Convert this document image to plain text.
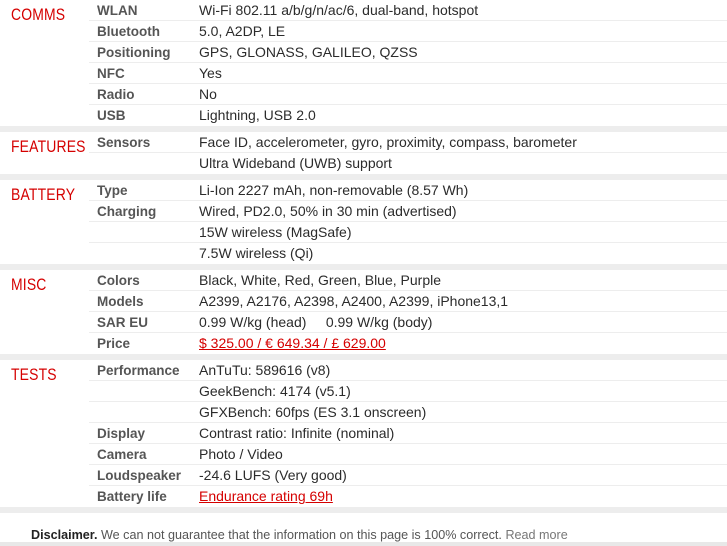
COMMS	WLAN	Wi-Fi 802.11 a/b/g/n/ac/6, dual-band, hotspot
Bluetooth	5.0, A2DP, LE
Positioning	GPS, GLONASS, GALILEO, QZSS
NFC	Yes
Radio	No
USB	Lightning, USB 2.0
FEATURES Sensors	Face ID, accelerometer, gyro, proximity, compass, barometer
Ultra Wideband (UWB) support
BATTERY	Type	Li-Ion 2227 mAh, non-removable (8.57 Wh)
Charging	Wired, PD2.0, 50% in 30 min (advertised)
15W wireless (MagSafe)
7.5W wireless (Qi)
MISC	Colors	Black, White, Red, Green, Blue, Purple
Models	A2399, A2176, A2398, A2400, A2399, iPhone13,1
SAR EU	0.99 W/kg (head)     0.99 W/kg (body)
Price	$ 325.00 / € 649.34 / £ 629.00
TESTS	Performance	AnTuTu: 589616 (v8)
GeekBench: 4174 (v5.1)
GFXBench: 60fps (ES 3.1 onscreen)
Display	Contrast ratio: Infinite (nominal)
Camera	Photo / Video
Loudspeaker	-24.6 LUFS (Very good)
Battery life	Endurance rating 69h
Disclaimer. We can not guarantee that the information on this page is 100% correct. Read more
